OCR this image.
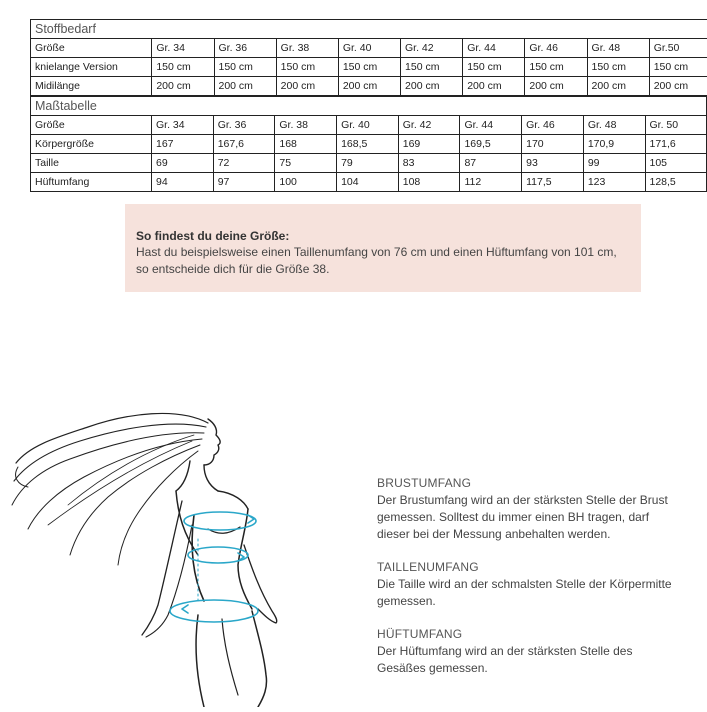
Stoffbedarf									
Größe	Gr. 34	Gr. 36	Gr. 38	Gr. 40	Gr. 42	Gr. 44	Gr. 46	Gr. 48	Gr.50
knielange Version	150 cm	150 cm	150 cm	150 cm	150 cm	150 cm	150 cm	150 cm	150 cm
Midilänge	200 cm	200 cm	200 cm	200 cm	200 cm	200 cm	200 cm	200 cm	200 cm
Maßtabelle									
Größe	Gr. 34	Gr. 36	Gr. 38	Gr. 40	Gr. 42	Gr. 44	Gr. 46	Gr. 48	Gr. 50
Körpergröße	167	167,6	168	168,5	169	169,5	170	170,9	171,6
Taille	69	72	75	79	83	87	93	99	105
Hüftumfang	94	97	100	104	108	112	117,5	123	128,5
So findest du deine Größe:
Hast du beispielsweise einen Taillenumfang von 76 cm und einen Hüftumfang von 101 cm, so entscheide dich für die Größe 38.
BRUSTUMFANG
Der Brustumfang wird an der stärksten Stelle der Brust gemessen. Solltest du immer einen BH tragen, darf dieser bei der Messung anbehalten werden.
TAILLENUMFANG
Die Taille wird an der schmalsten Stelle der Körpermitte gemessen.
HÜFTUMFANG
Der Hüftumfang wird an der stärksten Stelle des Gesäßes gemessen.
